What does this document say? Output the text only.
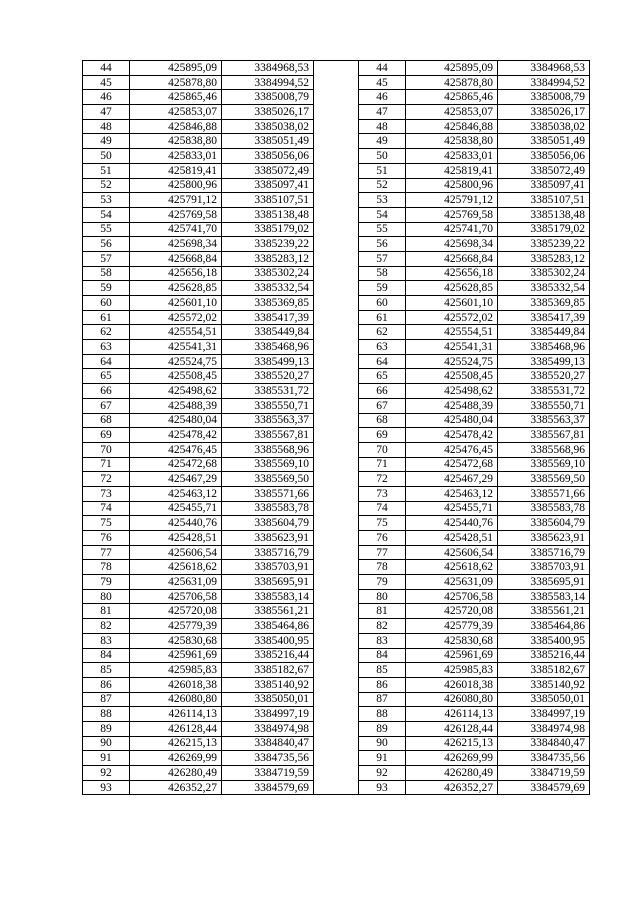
44	425895,09	3384968,53		44	425895,09	3384968,53
45	425878,80	3384994,52		45	425878,80	3384994,52
46	425865,46	3385008,79		46	425865,46	3385008,79
47	425853,07	3385026,17		47	425853,07	3385026,17
48	425846,88	3385038,02		48	425846,88	3385038,02
49	425838,80	3385051,49		49	425838,80	3385051,49
50	425833,01	3385056,06		50	425833,01	3385056,06
51	425819,41	3385072,49		51	425819,41	3385072,49
52	425800,96	3385097,41		52	425800,96	3385097,41
53	425791,12	3385107,51		53	425791,12	3385107,51
54	425769,58	3385138,48		54	425769,58	3385138,48
55	425741,70	3385179,02		55	425741,70	3385179,02
56	425698,34	3385239,22		56	425698,34	3385239,22
57	425668,84	3385283,12		57	425668,84	3385283,12
58	425656,18	3385302,24		58	425656,18	3385302,24
59	425628,85	3385332,54		59	425628,85	3385332,54
60	425601,10	3385369,85		60	425601,10	3385369,85
61	425572,02	3385417,39		61	425572,02	3385417,39
62	425554,51	3385449,84		62	425554,51	3385449,84
63	425541,31	3385468,96		63	425541,31	3385468,96
64	425524,75	3385499,13		64	425524,75	3385499,13
65	425508,45	3385520,27		65	425508,45	3385520,27
66	425498,62	3385531,72		66	425498,62	3385531,72
67	425488,39	3385550,71		67	425488,39	3385550,71
68	425480,04	3385563,37		68	425480,04	3385563,37
69	425478,42	3385567,81		69	425478,42	3385567,81
70	425476,45	3385568,96		70	425476,45	3385568,96
71	425472,68	3385569,10		71	425472,68	3385569,10
72	425467,29	3385569,50		72	425467,29	3385569,50
73	425463,12	3385571,66		73	425463,12	3385571,66
74	425455,71	3385583,78		74	425455,71	3385583,78
75	425440,76	3385604,79		75	425440,76	3385604,79
76	425428,51	3385623,91		76	425428,51	3385623,91
77	425606,54	3385716,79		77	425606,54	3385716,79
78	425618,62	3385703,91		78	425618,62	3385703,91
79	425631,09	3385695,91		79	425631,09	3385695,91
80	425706,58	3385583,14		80	425706,58	3385583,14
81	425720,08	3385561,21		81	425720,08	3385561,21
82	425779,39	3385464,86		82	425779,39	3385464,86
83	425830,68	3385400,95		83	425830,68	3385400,95
84	425961,69	3385216,44		84	425961,69	3385216,44
85	425985,83	3385182,67		85	425985,83	3385182,67
86	426018,38	3385140,92		86	426018,38	3385140,92
87	426080,80	3385050,01		87	426080,80	3385050,01
88	426114,13	3384997,19		88	426114,13	3384997,19
89	426128,44	3384974,98		89	426128,44	3384974,98
90	426215,13	3384840,47		90	426215,13	3384840,47
91	426269,99	3384735,56		91	426269,99	3384735,56
92	426280,49	3384719,59		92	426280,49	3384719,59
93	426352,27	3384579,69		93	426352,27	3384579,69
